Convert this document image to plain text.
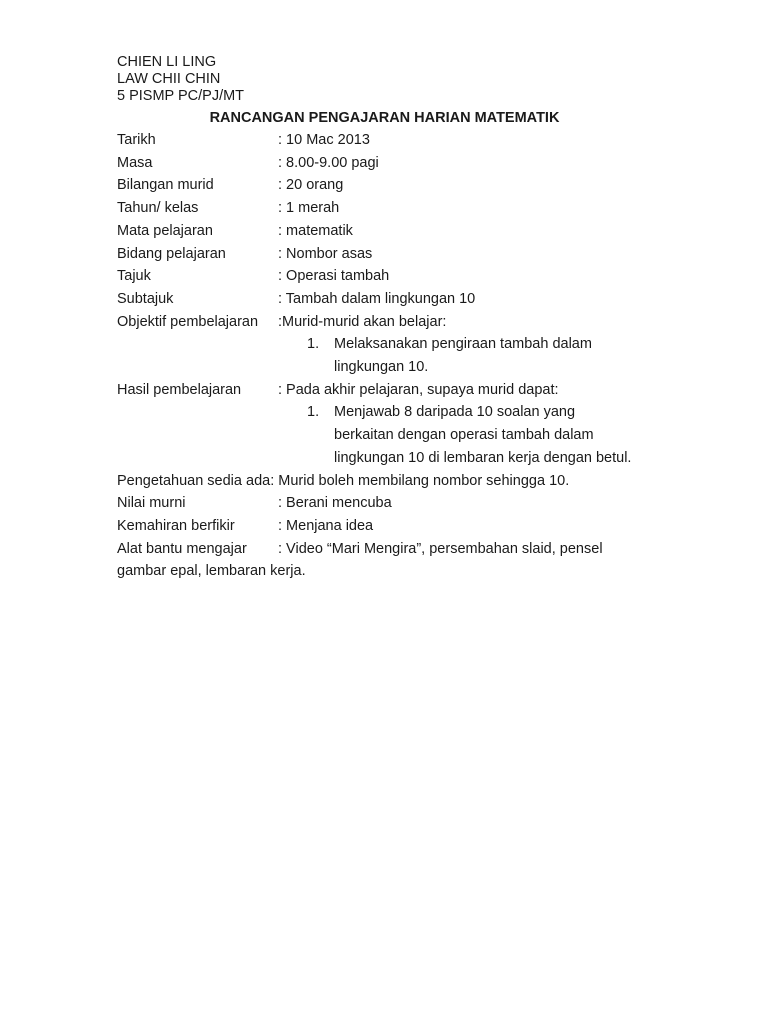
CHIEN LI LING
LAW CHII CHIN
5 PISMP PC/PJ/MT
RANCANGAN PENGAJARAN HARIAN MATEMATIK
Tarikh	: 10 Mac 2013
Masa	: 8.00-9.00 pagi
Bilangan murid	: 20 orang
Tahun/ kelas	: 1 merah
Mata pelajaran	: matematik
Bidang pelajaran	: Nombor asas
Tajuk	: Operasi tambah
Subtajuk	: Tambah dalam lingkungan 10
Objektif pembelajaran	:Murid-murid akan belajar:
1.	Melaksanakan pengiraan tambah dalam
lingkungan 10.
Hasil pembelajaran	: Pada akhir pelajaran, supaya murid dapat:
1.	Menjawab 8 daripada 10 soalan yang
berkaitan dengan operasi tambah dalam
lingkungan 10 di lembaran kerja dengan betul.
Pengetahuan sedia ada: Murid boleh membilang nombor sehingga 10.
Nilai murni	: Berani mencuba
Kemahiran berfikir	: Menjana idea
Alat bantu mengajar	: Video “Mari Mengira”, persembahan slaid, pensel
gambar epal, lembaran kerja.
